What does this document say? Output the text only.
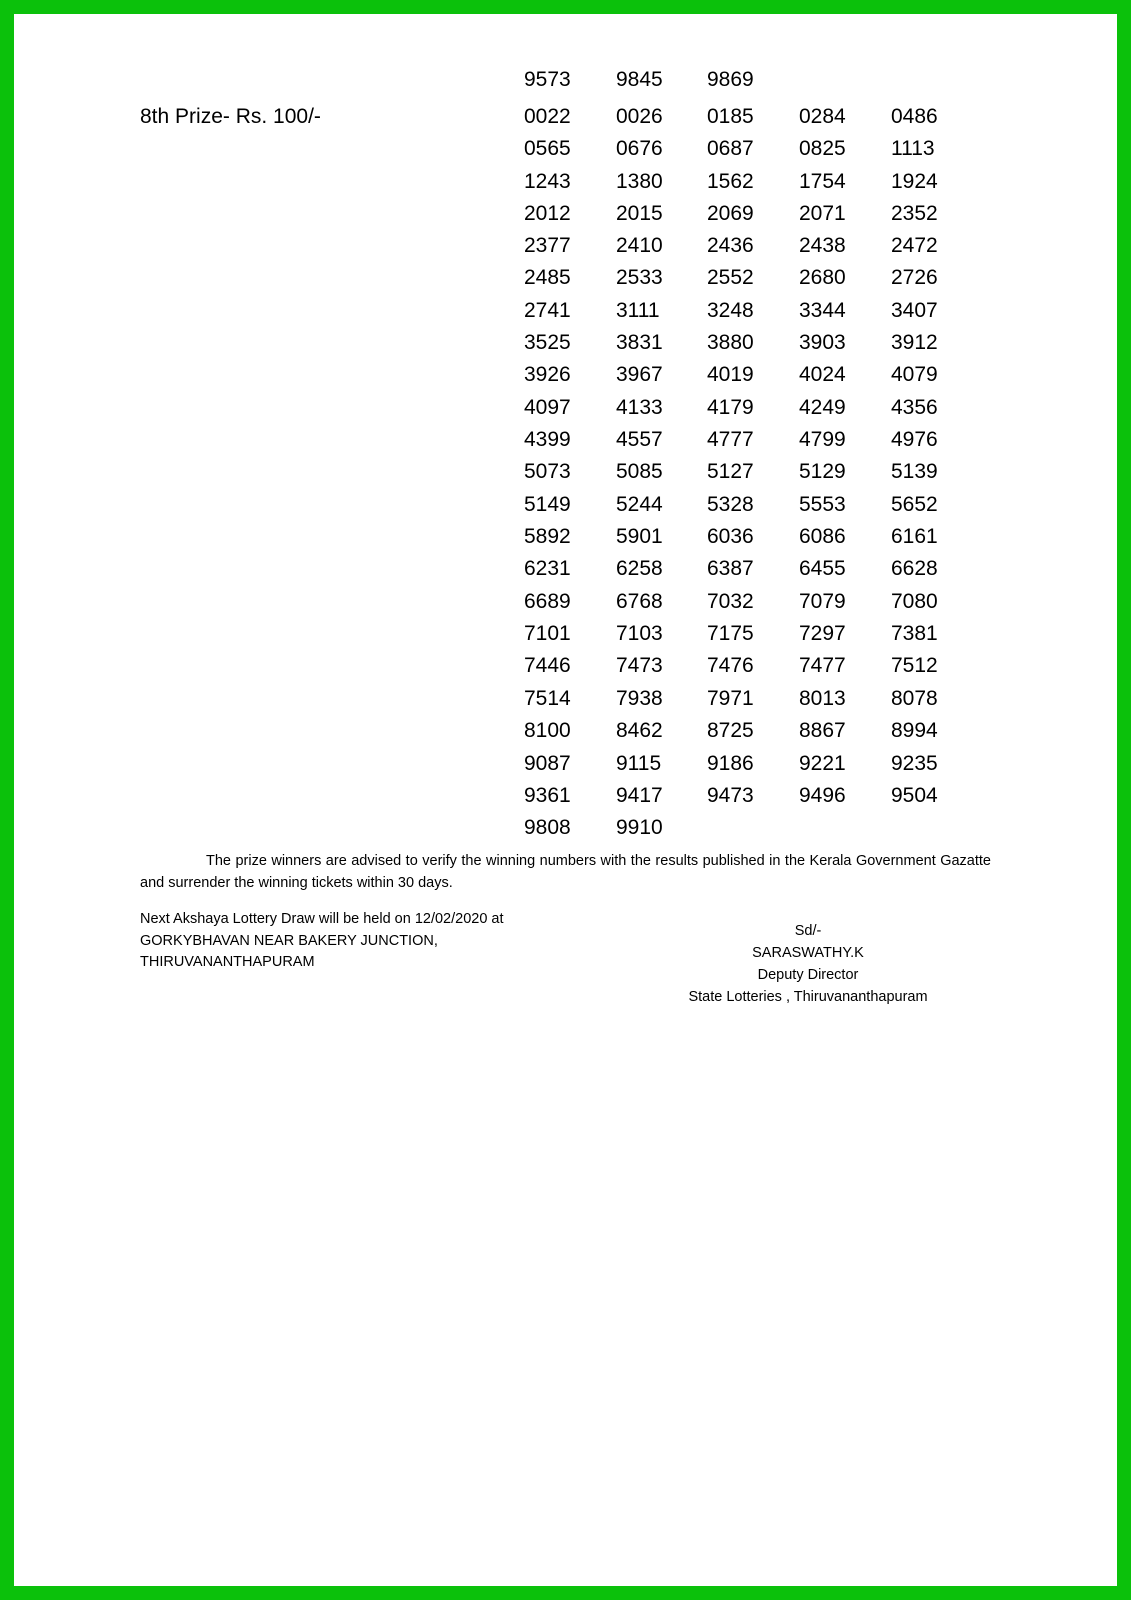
9573	9845	9869
8th Prize- Rs. 100/-	0022	0026	0185	0284	0486
0565	0676	0687	0825	1113
1243	1380	1562	1754	1924
2012	2015	2069	2071	2352
2377	2410	2436	2438	2472
2485	2533	2552	2680	2726
2741	3111	3248	3344	3407
3525	3831	3880	3903	3912
3926	3967	4019	4024	4079
4097	4133	4179	4249	4356
4399	4557	4777	4799	4976
5073	5085	5127	5129	5139
5149	5244	5328	5553	5652
5892	5901	6036	6086	6161
6231	6258	6387	6455	6628
6689	6768	7032	7079	7080
7101	7103	7175	7297	7381
7446	7473	7476	7477	7512
7514	7938	7971	8013	8078
8100	8462	8725	8867	8994
9087	9115	9186	9221	9235
9361	9417	9473	9496	9504
9808	9910

The prize winners are advised to verify the winning numbers with the results published in the Kerala Government Gazatte and surrender the winning tickets within 30 days.

Next Akshaya Lottery Draw will be held on 12/02/2020 at
GORKYBHAVAN NEAR BAKERY JUNCTION,
THIRUVANANTHAPURAM
Sd/-
SARASWATHY.K
Deputy Director
State Lotteries , Thiruvananthapuram
